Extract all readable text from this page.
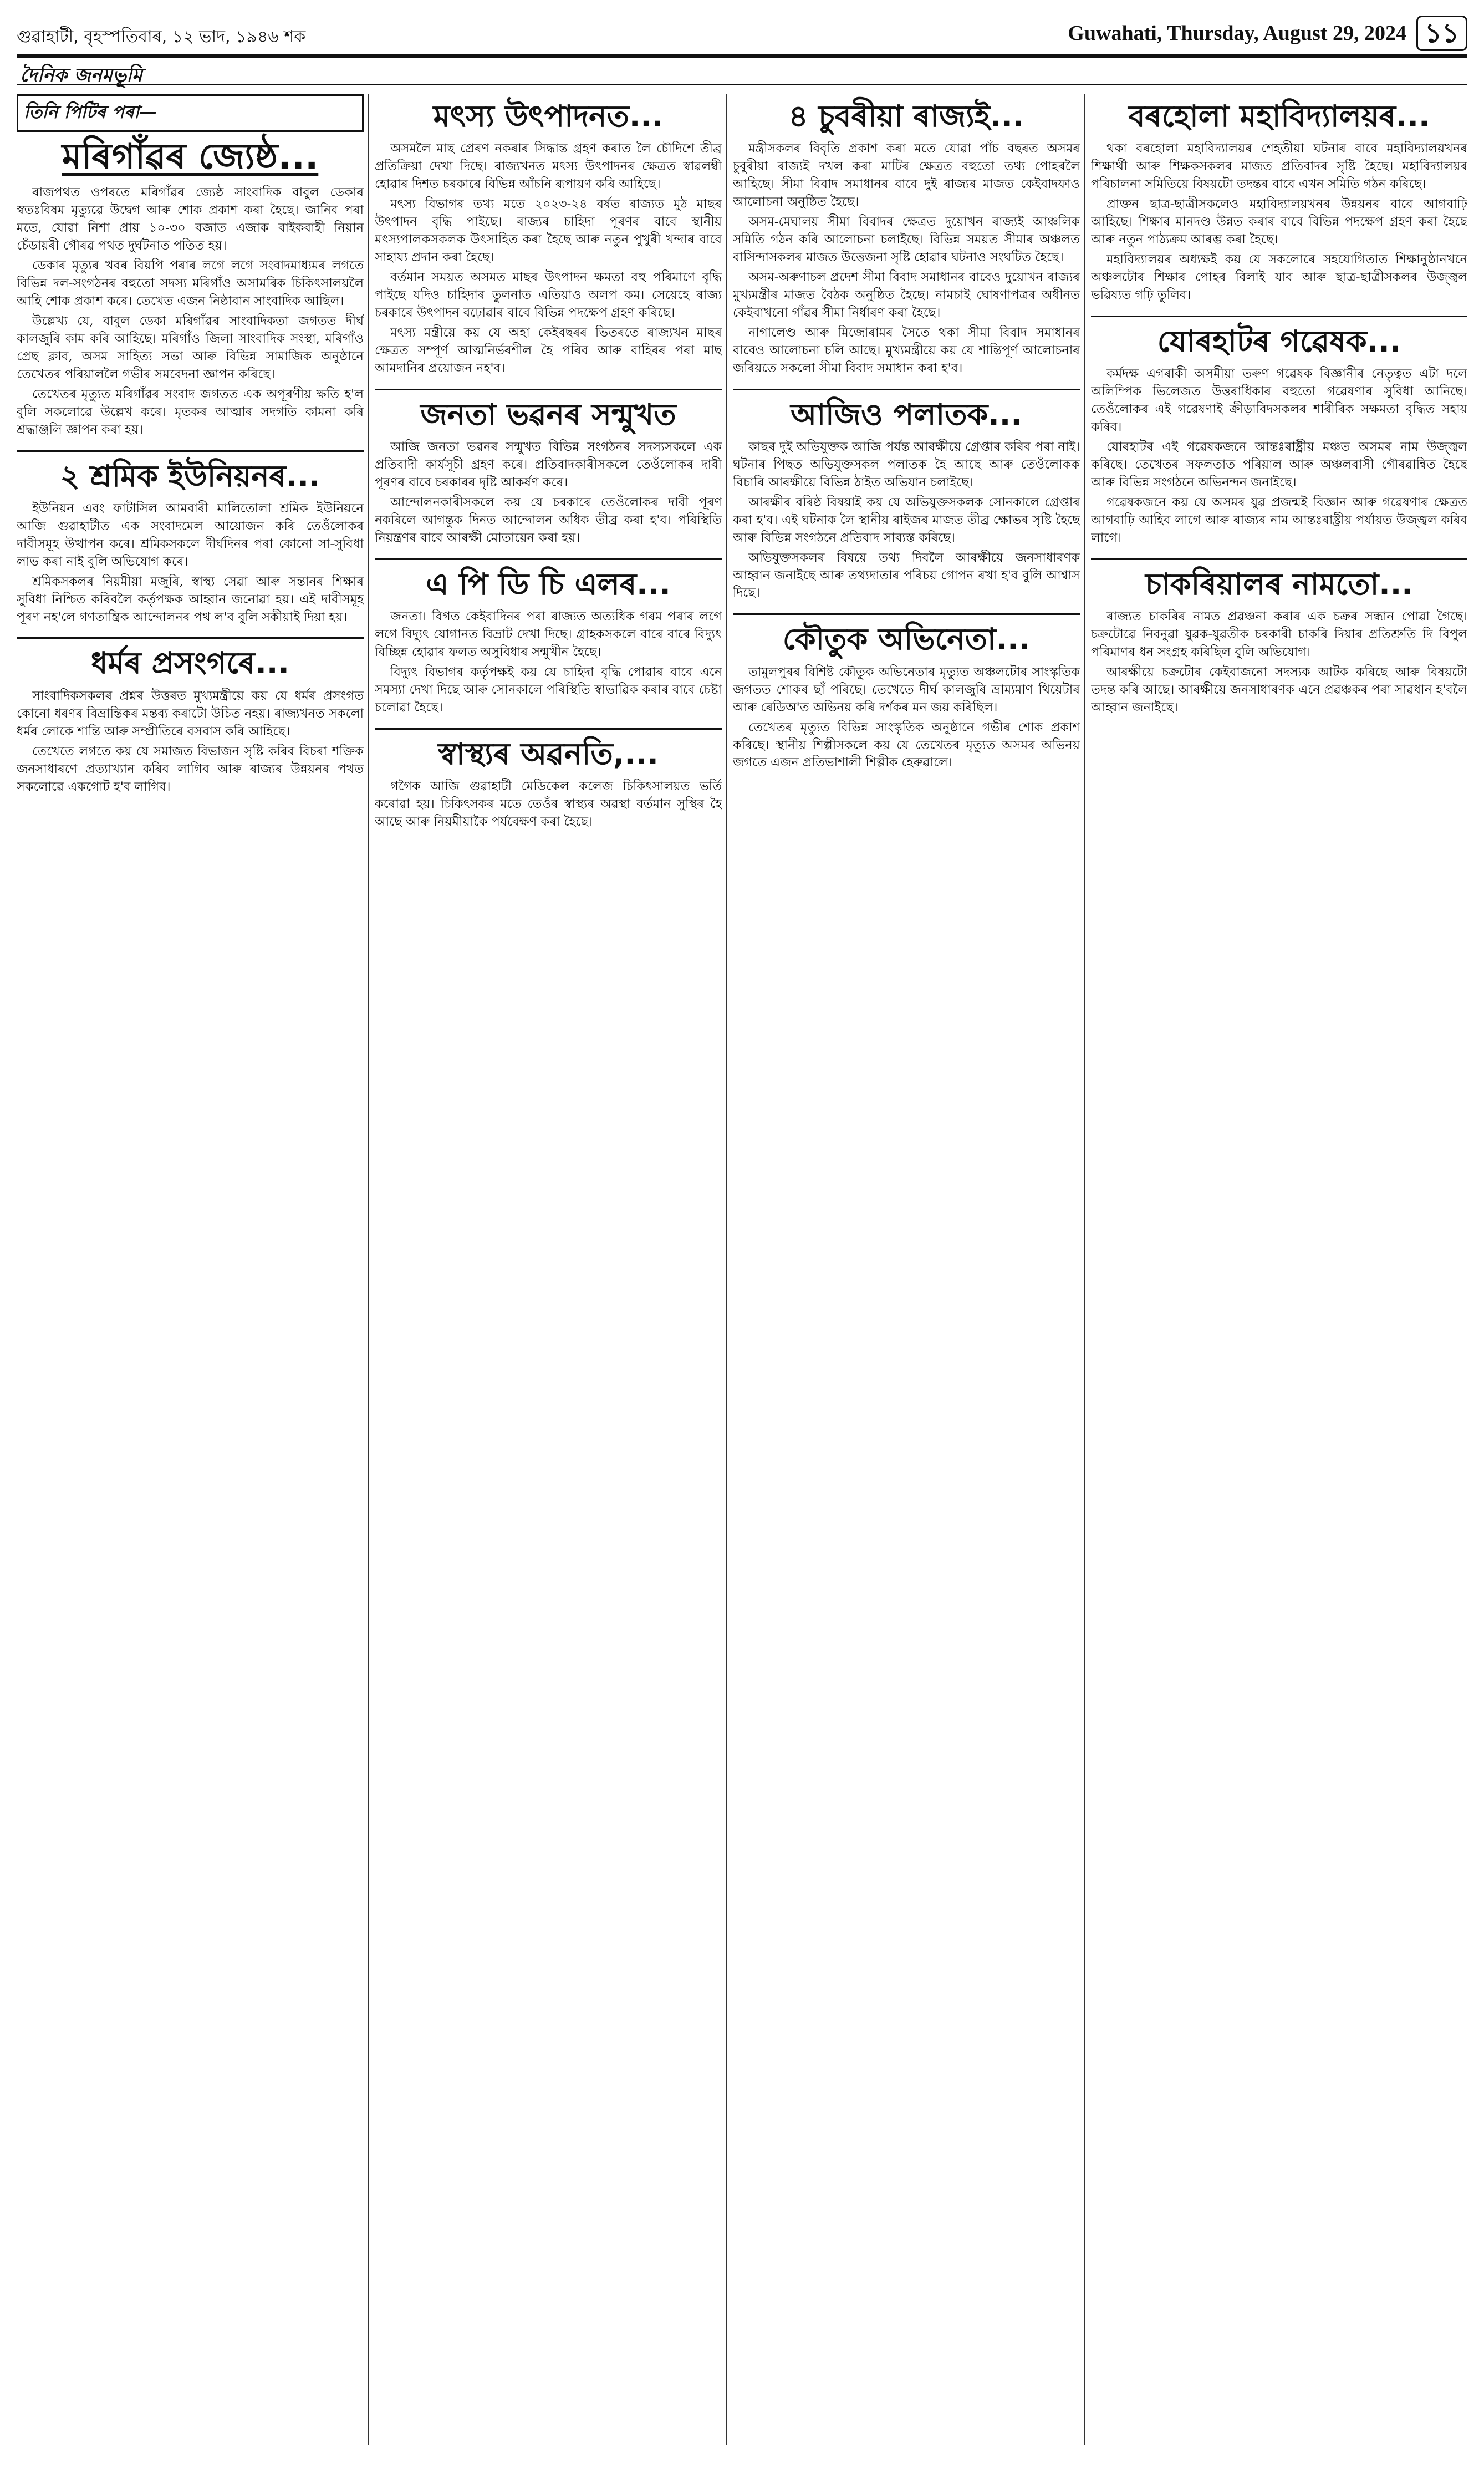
গুৱাহাটী, বৃহস্পতিবাৰ, ১২ ভাদ, ১৯৪৬ শক	Guwahati, Thursday, August 29, 2024 ১১
দৈনিক জনমভূমি
তিনি পিটিৰ পৰা—
মৰিগাঁৱৰ জ্যেষ্ঠ...

ৰাজপথত ওপৰতে মৰিগাঁৱৰ জ্যেষ্ঠ সাংবাদিক বাবুল ডেকাৰ স্বতঃবিষম মৃত্যুৱে উদ্বেগ আৰু শোক প্ৰকাশ কৰা হৈছে। জানিব পৰা মতে, যোৱা নিশা প্ৰায় ১০-৩০ বজাত এজাক বাইকবাহী নিয়ান চেঁডায়ৰী গৌৰৱ পথত দুৰ্ঘটনাত পতিত হয়।

ডেকাৰ মৃত্যুৰ খবৰ বিয়পি পৰাৰ লগে লগে সংবাদমাধ্যমৰ লগতে বিভিন্ন দল-সংগঠনৰ বহুতো সদস্য মৰিগাঁও অসামৰিক চিকিৎসালয়লৈ আহি শোক প্ৰকাশ কৰে। তেখেত এজন নিষ্ঠাবান সাংবাদিক আছিল।

উল্লেখ্য যে, বাবুল ডেকা মৰিগাঁৱৰ সাংবাদিকতা জগতত দীৰ্ঘ কালজুৰি কাম কৰি আহিছে। মৰিগাঁও জিলা সাংবাদিক সংস্থা, মৰিগাঁও প্ৰেছ ক্লাব, অসম সাহিত্য সভা আৰু বিভিন্ন সামাজিক অনুষ্ঠানে তেখেতৰ পৰিয়াললৈ গভীৰ সমবেদনা জ্ঞাপন কৰিছে।

তেখেতৰ মৃত্যুত মৰিগাঁৱৰ সংবাদ জগতত এক অপূৰণীয় ক্ষতি হ'ল বুলি সকলোৱে উল্লেখ কৰে। মৃতকৰ আত্মাৰ সদগতি কামনা কৰি শ্ৰদ্ধাঞ্জলি জ্ঞাপন কৰা হয়।

২ শ্ৰমিক ইউনিয়নৰ...

ইউনিয়ন এবং ফাটাসিল আমবাৰী মালিতোলা শ্ৰমিক ইউনিয়নে আজি গুৱাহাটীত এক সংবাদমেল আয়োজন কৰি তেওঁলোকৰ দাবীসমূহ উত্থাপন কৰে। শ্ৰমিকসকলে দীৰ্ঘদিনৰ পৰা কোনো সা-সুবিধা লাভ কৰা নাই বুলি অভিযোগ কৰে।

শ্ৰমিকসকলৰ নিয়মীয়া মজুৰি, স্বাস্থ্য সেৱা আৰু সন্তানৰ শিক্ষাৰ সুবিধা নিশ্চিত কৰিবলৈ কৰ্তৃপক্ষক আহ্বান জনোৱা হয়। এই দাবীসমূহ পূৰণ নহ'লে গণতান্ত্ৰিক আন্দোলনৰ পথ ল'ব বুলি সকীয়াই দিয়া হয়।

ধৰ্মৰ প্ৰসংগৰে...

সাংবাদিকসকলৰ প্ৰশ্নৰ উত্তৰত মুখ্যমন্ত্ৰীয়ে কয় যে ধৰ্মৰ প্ৰসংগত কোনো ধৰণৰ বিভ্ৰান্তিকৰ মন্তব্য কৰাটো উচিত নহয়। ৰাজ্যখনত সকলো ধৰ্মৰ লোকে শান্তি আৰু সম্প্ৰীতিৰে বসবাস কৰি আহিছে।

তেখেতে লগতে কয় যে সমাজত বিভাজন সৃষ্টি কৰিব বিচৰা শক্তিক জনসাধাৰণে প্ৰত্যাখ্যান কৰিব লাগিব আৰু ৰাজ্যৰ উন্নয়নৰ পথত সকলোৱে একগোট হ'ব লাগিব।

মৎস্য উৎপাদনত...

অসমলৈ মাছ প্ৰেৰণ নকৰাৰ সিদ্ধান্ত গ্ৰহণ কৰাত লৈ চৌদিশে তীব্ৰ প্ৰতিক্ৰিয়া দেখা দিছে। ৰাজ্যখনত মৎস্য উৎপাদনৰ ক্ষেত্ৰত স্বাৱলম্বী হোৱাৰ দিশত চৰকাৰে বিভিন্ন আঁচনি ৰূপায়ণ কৰি আহিছে।

মৎস্য বিভাগৰ তথ্য মতে ২০২৩-২৪ বৰ্ষত ৰাজ্যত মুঠ মাছৰ উৎপাদন বৃদ্ধি পাইছে। ৰাজ্যৰ চাহিদা পূৰণৰ বাবে স্থানীয় মৎস্যপালকসকলক উৎসাহিত কৰা হৈছে আৰু নতুন পুখুৰী খন্দাৰ বাবে সাহায্য প্ৰদান কৰা হৈছে।

বৰ্তমান সময়ত অসমত মাছৰ উৎপাদন ক্ষমতা বহু পৰিমাণে বৃদ্ধি পাইছে যদিও চাহিদাৰ তুলনাত এতিয়াও অলপ কম। সেয়েহে ৰাজ্য চৰকাৰে উৎপাদন বঢ়োৱাৰ বাবে বিভিন্ন পদক্ষেপ গ্ৰহণ কৰিছে।

মৎস্য মন্ত্ৰীয়ে কয় যে অহা কেইবছৰৰ ভিতৰতে ৰাজ্যখন মাছৰ ক্ষেত্ৰত সম্পূৰ্ণ আত্মনিৰ্ভৰশীল হৈ পৰিব আৰু বাহিৰৰ পৰা মাছ আমদানিৰ প্ৰয়োজন নহ'ব।

জনতা ভৱনৰ সন্মুখত

আজি জনতা ভৱনৰ সন্মুখত বিভিন্ন সংগঠনৰ সদস্যসকলে এক প্ৰতিবাদী কাৰ্যসূচী গ্ৰহণ কৰে। প্ৰতিবাদকাৰীসকলে তেওঁলোকৰ দাবী পূৰণৰ বাবে চৰকাৰৰ দৃষ্টি আকৰ্ষণ কৰে।

আন্দোলনকাৰীসকলে কয় যে চৰকাৰে তেওঁলোকৰ দাবী পূৰণ নকৰিলে আগন্তুক দিনত আন্দোলন অধিক তীব্ৰ কৰা হ'ব। পৰিস্থিতি নিয়ন্ত্ৰণৰ বাবে আৰক্ষী মোতায়েন কৰা হয়।

এ পি ডি চি এলৰ...

জনতা। বিগত কেইবাদিনৰ পৰা ৰাজ্যত অত্যধিক গৰম পৰাৰ লগে লগে বিদ্যুৎ যোগানত বিভ্ৰাট দেখা দিছে। গ্ৰাহকসকলে বাৰে বাৰে বিদ্যুৎ বিচ্ছিন্ন হোৱাৰ ফলত অসুবিধাৰ সন্মুখীন হৈছে।

বিদ্যুৎ বিভাগৰ কৰ্তৃপক্ষই কয় যে চাহিদা বৃদ্ধি পোৱাৰ বাবে এনে সমস্যা দেখা দিছে আৰু সোনকালে পৰিস্থিতি স্বাভাৱিক কৰাৰ বাবে চেষ্টা চলোৱা হৈছে।

স্বাস্থ্যৰ অৱনতি,...

গগৈক আজি গুৱাহাটী মেডিকেল কলেজ চিকিৎসালয়ত ভৰ্তি কৰোৱা হয়। চিকিৎসকৰ মতে তেওঁৰ স্বাস্থ্যৰ অৱস্থা বৰ্তমান সুস্থিৰ হৈ আছে আৰু নিয়মীয়াকৈ পৰ্যবেক্ষণ কৰা হৈছে।

৪ চুবৰীয়া ৰাজ্যই...

মন্ত্ৰীসকলৰ বিবৃতি প্ৰকাশ কৰা মতে যোৱা পাঁচ বছৰত অসমৰ চুবুৰীয়া ৰাজ্যই দখল কৰা মাটিৰ ক্ষেত্ৰত বহুতো তথ্য পোহৰলৈ আহিছে। সীমা বিবাদ সমাধানৰ বাবে দুই ৰাজ্যৰ মাজত কেইবাদফাও আলোচনা অনুষ্ঠিত হৈছে।

অসম-মেঘালয় সীমা বিবাদৰ ক্ষেত্ৰত দুয়োখন ৰাজ্যই আঞ্চলিক সমিতি গঠন কৰি আলোচনা চলাইছে। বিভিন্ন সময়ত সীমাৰ অঞ্চলত বাসিন্দাসকলৰ মাজত উত্তেজনা সৃষ্টি হোৱাৰ ঘটনাও সংঘটিত হৈছে।

অসম-অৰুণাচল প্ৰদেশ সীমা বিবাদ সমাধানৰ বাবেও দুয়োখন ৰাজ্যৰ মুখ্যমন্ত্ৰীৰ মাজত বৈঠক অনুষ্ঠিত হৈছে। নামচাই ঘোষণাপত্ৰৰ অধীনত কেইবাখনো গাঁৱৰ সীমা নিৰ্ধাৰণ কৰা হৈছে।

নাগালেণ্ড আৰু মিজোৰামৰ সৈতে থকা সীমা বিবাদ সমাধানৰ বাবেও আলোচনা চলি আছে। মুখ্যমন্ত্ৰীয়ে কয় যে শান্তিপূৰ্ণ আলোচনাৰ জৰিয়তে সকলো সীমা বিবাদ সমাধান কৰা হ'ব।

আজিও পলাতক...

কাছৰ দুই অভিযুক্তক আজি পৰ্যন্ত আৰক্ষীয়ে গ্ৰেপ্তাৰ কৰিব পৰা নাই। ঘটনাৰ পিছত অভিযুক্তসকল পলাতক হৈ আছে আৰু তেওঁলোকক বিচাৰি আৰক্ষীয়ে বিভিন্ন ঠাইত অভিযান চলাইছে।

আৰক্ষীৰ বৰিষ্ঠ বিষয়াই কয় যে অভিযুক্তসকলক সোনকালে গ্ৰেপ্তাৰ কৰা হ'ব। এই ঘটনাক লৈ স্থানীয় ৰাইজৰ মাজত তীব্ৰ ক্ষোভৰ সৃষ্টি হৈছে আৰু বিভিন্ন সংগঠনে প্ৰতিবাদ সাব্যস্ত কৰিছে।

অভিযুক্তসকলৰ বিষয়ে তথ্য দিবলৈ আৰক্ষীয়ে জনসাধাৰণক আহ্বান জনাইছে আৰু তথ্যদাতাৰ পৰিচয় গোপন ৰখা হ'ব বুলি আশ্বাস দিছে।

কৌতুক অভিনেতা...

তামুলপুৰৰ বিশিষ্ট কৌতুক অভিনেতাৰ মৃত্যুত অঞ্চলটোৰ সাংস্কৃতিক জগতত শোকৰ ছাঁ পৰিছে। তেখেতে দীৰ্ঘ কালজুৰি ভ্ৰাম্যমাণ থিয়েটাৰ আৰু ৰেডিঅ'ত অভিনয় কৰি দৰ্শকৰ মন জয় কৰিছিল।

তেখেতৰ মৃত্যুত বিভিন্ন সাংস্কৃতিক অনুষ্ঠানে গভীৰ শোক প্ৰকাশ কৰিছে। স্থানীয় শিল্পীসকলে কয় যে তেখেতৰ মৃত্যুত অসমৰ অভিনয় জগতে এজন প্ৰতিভাশালী শিল্পীক হেৰুৱালে।

বৰহোলা মহাবিদ্যালয়ৰ...

থকা বৰহোলা মহাবিদ্যালয়ৰ শেহতীয়া ঘটনাৰ বাবে মহাবিদ্যালয়খনৰ শিক্ষাৰ্থী আৰু শিক্ষকসকলৰ মাজত প্ৰতিবাদৰ সৃষ্টি হৈছে। মহাবিদ্যালয়ৰ পৰিচালনা সমিতিয়ে বিষয়টো তদন্তৰ বাবে এখন সমিতি গঠন কৰিছে।

প্ৰাক্তন ছাত্ৰ-ছাত্ৰীসকলেও মহাবিদ্যালয়খনৰ উন্নয়নৰ বাবে আগবাঢ়ি আহিছে। শিক্ষাৰ মানদণ্ড উন্নত কৰাৰ বাবে বিভিন্ন পদক্ষেপ গ্ৰহণ কৰা হৈছে আৰু নতুন পাঠ্যক্ৰম আৰম্ভ কৰা হৈছে।

মহাবিদ্যালয়ৰ অধ্যক্ষই কয় যে সকলোৰে সহযোগিতাত শিক্ষানুষ্ঠানখনে অঞ্চলটোৰ শিক্ষাৰ পোহৰ বিলাই যাব আৰু ছাত্ৰ-ছাত্ৰীসকলৰ উজ্জ্বল ভৱিষ্যত গঢ়ি তুলিব।

যোৰহাটৰ গৱেষক...

কৰ্মদক্ষ এগৰাকী অসমীয়া তৰুণ গৱেষক বিজ্ঞানীৰ নেতৃত্বত এটা দলে অলিম্পিক ভিলেজত উত্তৰাধিকাৰ বহুতো গৱেষণাৰ সুবিধা আনিছে। তেওঁলোকৰ এই গৱেষণাই ক্ৰীড়াবিদসকলৰ শাৰীৰিক সক্ষমতা বৃদ্ধিত সহায় কৰিব।

যোৰহাটৰ এই গৱেষকজনে আন্তঃৰাষ্ট্ৰীয় মঞ্চত অসমৰ নাম উজ্জ্বল কৰিছে। তেখেতৰ সফলতাত পৰিয়াল আৰু অঞ্চলবাসী গৌৰৱান্বিত হৈছে আৰু বিভিন্ন সংগঠনে অভিনন্দন জনাইছে।

গৱেষকজনে কয় যে অসমৰ যুৱ প্ৰজন্মই বিজ্ঞান আৰু গৱেষণাৰ ক্ষেত্ৰত আগবাঢ়ি আহিব লাগে আৰু ৰাজ্যৰ নাম আন্তঃৰাষ্ট্ৰীয় পৰ্যায়ত উজ্জ্বল কৰিব লাগে।

চাকৰিয়ালৰ নামতো...

ৰাজ্যত চাকৰিৰ নামত প্ৰৱঞ্চনা কৰাৰ এক চক্ৰৰ সন্ধান পোৱা গৈছে। চক্ৰটোৱে নিবনুৱা যুৱক-যুৱতীক চৰকাৰী চাকৰি দিয়াৰ প্ৰতিশ্ৰুতি দি বিপুল পৰিমাণৰ ধন সংগ্ৰহ কৰিছিল বুলি অভিযোগ।

আৰক্ষীয়ে চক্ৰটোৰ কেইবাজনো সদস্যক আটক কৰিছে আৰু বিষয়টো তদন্ত কৰি আছে। আৰক্ষীয়ে জনসাধাৰণক এনে প্ৰৱঞ্চকৰ পৰা সাৱধান হ'বলৈ আহ্বান জনাইছে।
